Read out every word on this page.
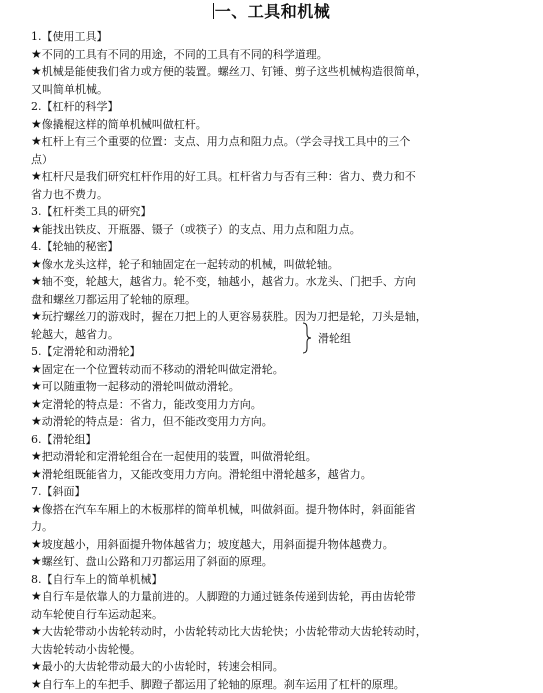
一、工具和机械
1.【使用工具】
★不同的工具有不同的用途，不同的工具有不同的科学道理。
★机械是能使我们省力或方便的装置。螺丝刀、钉锤、剪子这些机械构造很简单，
又叫简单机械。
2.【杠杆的科学】
★像撬棍这样的简单机械叫做杠杆。
★杠杆上有三个重要的位置：支点、用力点和阻力点。（学会寻找工具中的三个
点）
★杠杆尺是我们研究杠杆作用的好工具。杠杆省力与否有三种：省力、费力和不
省力也不费力。
3.【杠杆类工具的研究】
★能找出铁皮、开瓶器、镊子（或筷子）的支点、用力点和阻力点。
4.【轮轴的秘密】
★像水龙头这样，轮子和轴固定在一起转动的机械，叫做轮轴。
★轴不变，轮越大，越省力。轮不变，轴越小，越省力。水龙头、门把手、方向
盘和螺丝刀都运用了轮轴的原理。
★玩拧螺丝刀的游戏时，握在刀把上的人更容易获胜。因为刀把是轮，刀头是轴，
轮越大，越省力。
5.【定滑轮和动滑轮】
★固定在一个位置转动而不移动的滑轮叫做定滑轮。
★可以随重物一起移动的滑轮叫做动滑轮。
★定滑轮的特点是：不省力，能改变用力方向。
★动滑轮的特点是：省力，但不能改变用力方向。
6.【滑轮组】
★把动滑轮和定滑轮组合在一起使用的装置，叫做滑轮组。
★滑轮组既能省力，又能改变用力方向。滑轮组中滑轮越多，越省力。
7.【斜面】
★像搭在汽车车厢上的木板那样的简单机械，叫做斜面。提升物体时，斜面能省
力。
★坡度越小，用斜面提升物体越省力；坡度越大，用斜面提升物体越费力。
★螺丝钉、盘山公路和刀刃都运用了斜面的原理。
8.【自行车上的简单机械】
★自行车是依靠人的力量前进的。人脚蹬的力通过链条传递到齿轮，再由齿轮带
动车轮使自行车运动起来。
★大齿轮带动小齿轮转动时，小齿轮转动比大齿轮快；小齿轮带动大齿轮转动时，
大齿轮转动小齿轮慢。
★最小的大齿轮带动最大的小齿轮时，转速会相同。
★自行车上的车把手、脚蹬子都运用了轮轴的原理。刹车运用了杠杆的原理。
滑轮组
